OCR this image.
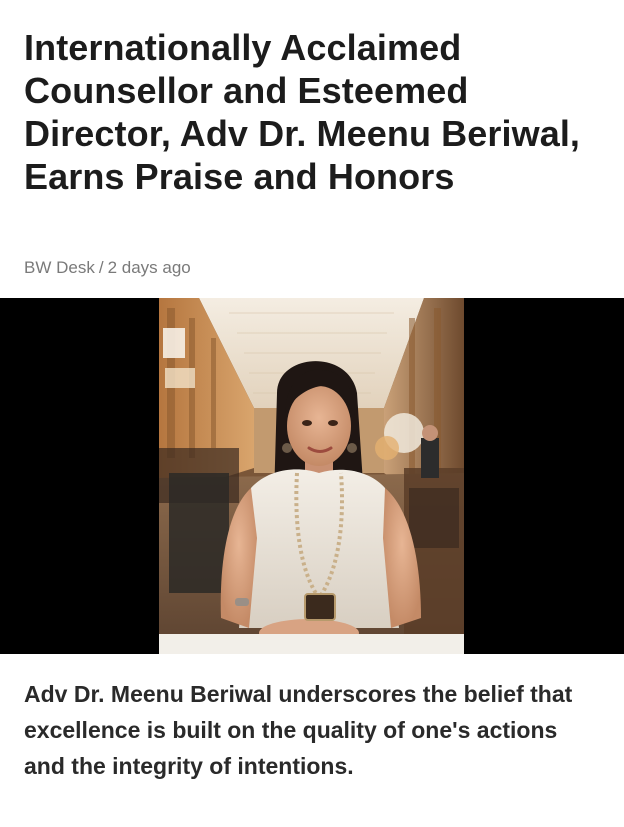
Internationally Acclaimed Counsellor and Esteemed Director, Adv Dr. Meenu Beriwal, Earns Praise and Honors
BW Desk / 2 days ago

Adv Dr. Meenu Beriwal underscores the belief that excellence is built on the quality of one's actions and the integrity of intentions.
